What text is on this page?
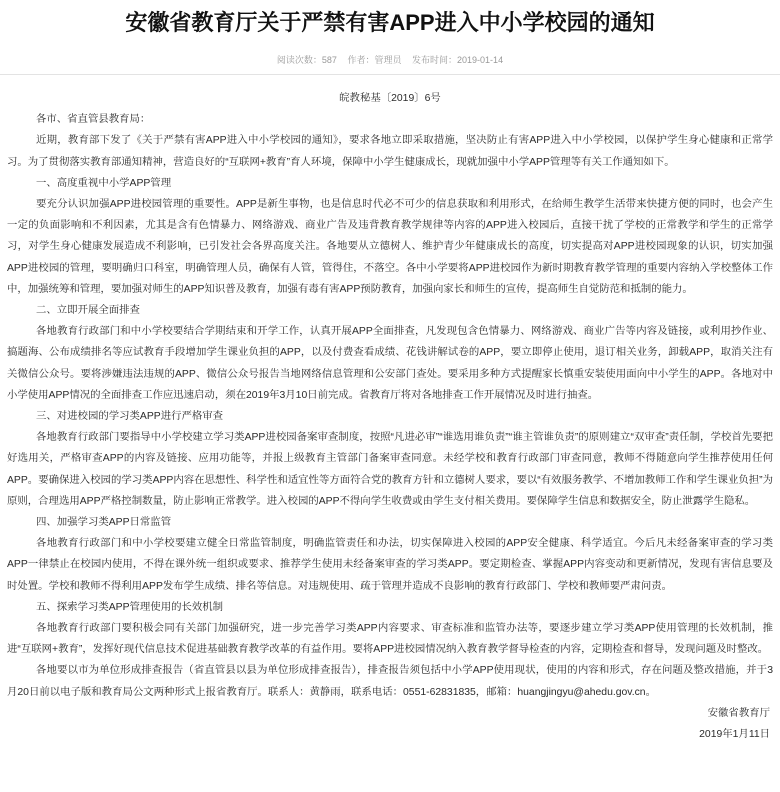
安徽省教育厅关于严禁有害APP进入中小学校园的通知
阅读次数：587 作者：管理员 发布时间：2019-01-14

皖教秘基〔2019〕6号

各市、省直管县教育局：

近期，教育部下发了《关于严禁有害APP进入中小学校园的通知》，要求各地立即采取措施，坚决防止有害APP进入中小学校园，以保护学生身心健康和正常学习。为了贯彻落实教育部通知精神，营造良好的“互联网+教育”育人环境，保障中小学生健康成长，现就加强中小学APP管理等有关工作通知如下。

一、高度重视中小学APP管理

要充分认识加强APP进校园管理的重要性。APP是新生事物，也是信息时代必不可少的信息获取和利用形式，在给师生教学生活带来快捷方便的同时，也会产生一定的负面影响和不利因素，尤其是含有色情暴力、网络游戏、商业广告及违背教育教学规律等内容的APP进入校园后，直接干扰了学校的正常教学和学生的正常学习，对学生身心健康发展造成不利影响，已引发社会各界高度关注。各地要从立德树人、维护青少年健康成长的高度，切实提高对APP进校园现象的认识，切实加强APP进校园的管理，要明确归口科室，明确管理人员，确保有人管，管得住，不落空。各中小学要将APP进校园作为新时期教育教学管理的重要内容纳入学校整体工作中，加强统筹和管理，要加强对师生的APP知识普及教育，加强有毒有害APP预防教育，加强向家长和师生的宣传，提高师生自觉防范和抵制的能力。

二、立即开展全面排查

各地教育行政部门和中小学校要结合学期结束和开学工作，认真开展APP全面排查，凡发现包含色情暴力、网络游戏、商业广告等内容及链接，或利用抄作业、搞题海、公布成绩排名等应试教育手段增加学生课业负担的APP，以及付费查看成绩、花钱讲解试卷的APP，要立即停止使用，退订相关业务，卸载APP，取消关注有关微信公众号。要将涉嫌违法违规的APP、微信公众号报告当地网络信息管理和公安部门查处。要采用多种方式提醒家长慎重安装使用面向中小学生的APP。各地对中小学使用APP情况的全面排查工作应迅速启动，须在2019年3月10日前完成。省教育厅将对各地排查工作开展情况及时进行抽查。

三、对进校园的学习类APP进行严格审查

各地教育行政部门要指导中小学校建立学习类APP进校园备案审查制度，按照“凡进必审”“谁选用谁负责”“谁主管谁负责”的原则建立“双审查”责任制，学校首先要把好选用关，严格审查APP的内容及链接、应用功能等，并报上级教育主管部门备案审查同意。未经学校和教育行政部门审查同意，教师不得随意向学生推荐使用任何APP。要确保进入校园的学习类APP内容在思想性、科学性和适宜性等方面符合党的教育方针和立德树人要求，要以“有效服务教学、不增加教师工作和学生课业负担”为原则，合理选用APP严格控制数量，防止影响正常教学。进入校园的APP不得向学生收费或由学生支付相关费用。要保障学生信息和数据安全，防止泄露学生隐私。

四、加强学习类APP日常监管

各地教育行政部门和中小学校要建立健全日常监管制度，明确监管责任和办法，切实保障进入校园的APP安全健康、科学适宜。今后凡未经备案审查的学习类APP一律禁止在校园内使用，不得在课外统一组织或要求、推荐学生使用未经备案审查的学习类APP。要定期检查、掌握APP内容变动和更新情况，发现有害信息要及时处置。学校和教师不得利用APP发布学生成绩、排名等信息。对违规使用、疏于管理并造成不良影响的教育行政部门、学校和教师要严肃问责。

五、探索学习类APP管理使用的长效机制

各地教育行政部门要积极会同有关部门加强研究，进一步完善学习类APP内容要求、审查标准和监管办法等，要逐步建立学习类APP使用管理的长效机制，推进“互联网+教育”，发挥好现代信息技术促进基础教育教学改革的有益作用。要将APP进校园情况纳入教育教学督导检查的内容，定期检查和督导，发现问题及时整改。

各地要以市为单位形成排查报告（省直管县以县为单位形成排查报告），排查报告须包括中小学APP使用现状，使用的内容和形式，存在问题及整改措施，并于3月20日前以电子版和教育局公文两种形式上报省教育厅。联系人：黄静雨，联系电话：0551-62831835，邮箱：huangjingyu@ahedu.gov.cn。

安徽省教育厅

2019年1月11日
